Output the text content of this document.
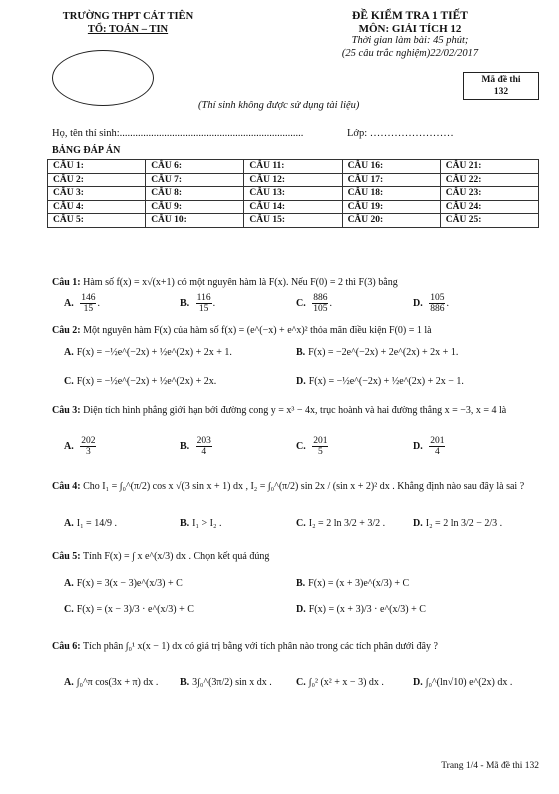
TRƯỜNG THPT CÁT TIÊN
TỔ: TOÁN – TIN
ĐỀ KIỂM TRA 1 TIẾT
MÔN: GIẢI TÍCH 12
Thời gian làm bài: 45 phút;
(25 câu trắc nghiệm)22/02/2017
Mã đề thi
132
(Thí sinh không được sử dụng tài liệu)
Họ, tên thí sinh:......................................................................	Lớp: ……………………
BẢNG ĐÁP ÁN
CÂU 1:	CÂU 6:	CÂU 11:	CÂU 16:	CÂU 21:
CÂU 2:	CÂU 7:	CÂU 12:	CÂU 17:	CÂU 22:
CÂU 3:	CÂU 8:	CÂU 13:	CÂU 18:	CÂU 23:
CÂU 4:	CÂU 9:	CÂU 14:	CÂU 19:	CÂU 24:
CÂU 5:	CÂU 10:	CÂU 15:	CÂU 20:	CÂU 25:
Câu 1: Hàm số f(x) = x√(x+1) có một nguyên hàm là F(x). Nếu F(0) = 2 thì F(3) bằng
A. $\frac{146}{15}$ .	B. $\frac{116}{15}$ .	C. $\frac{886}{105}$ .	D. $\frac{105}{886}$ .
Câu 2: Một nguyên hàm F(x) của hàm số f(x) = (e^(−x) + e^x)² thỏa mãn điều kiện F(0) = 1 là
A. F(x) = −½e^(−2x) + ½e^(2x) + 2x + 1.	B. F(x) = −2e^(−2x) + 2e^(2x) + 2x + 1.
C. F(x) = −½e^(−2x) + ½e^(2x) + 2x.	D. F(x) = −½e^(−2x) + ½e^(2x) + 2x − 1.
Câu 3: Diện tích hình phẳng giới hạn bởi đường cong y = x³ − 4x, trục hoành và hai đường thẳng x = −3, x = 4 là
A. $\frac{202}{3}$	B. $\frac{203}{4}$	C. $\frac{201}{5}$	D. $\frac{201}{4}$
Câu 4: Cho I₁ = ∫₀^(π/2) cos x √(3 sin x + 1) dx , I₂ = ∫₀^(π/2) sin 2x / (sin x + 2)² dx . Khẳng định nào sau đây là sai ?
A. I₁ = 14/9 .	B. I₁ > I₂ .	C. I₂ = 2 ln 3/2 + 3/2 .	D. I₂ = 2 ln 3/2 − 2/3 .
Câu 5: Tính F(x) = ∫ x e^(x/3) dx . Chọn kết quả đúng
A. F(x) = 3(x − 3)e^(x/3) + C	B. F(x) = (x + 3)e^(x/3) + C
C. F(x) = (x − 3)/3 · e^(x/3) + C	D. F(x) = (x + 3)/3 · e^(x/3) + C
Câu 6: Tích phân ∫₀¹ x(x − 1) dx có giá trị bằng với tích phân nào trong các tích phân dưới đây ?
A. ∫₀^π cos(3x + π) dx . B. 3∫₀^(3π/2) sin x dx . C. ∫₀² (x² + x − 3) dx .	D. ∫₀^(ln√10) e^(2x) dx .
Trang 1/4 - Mã đề thi 132
